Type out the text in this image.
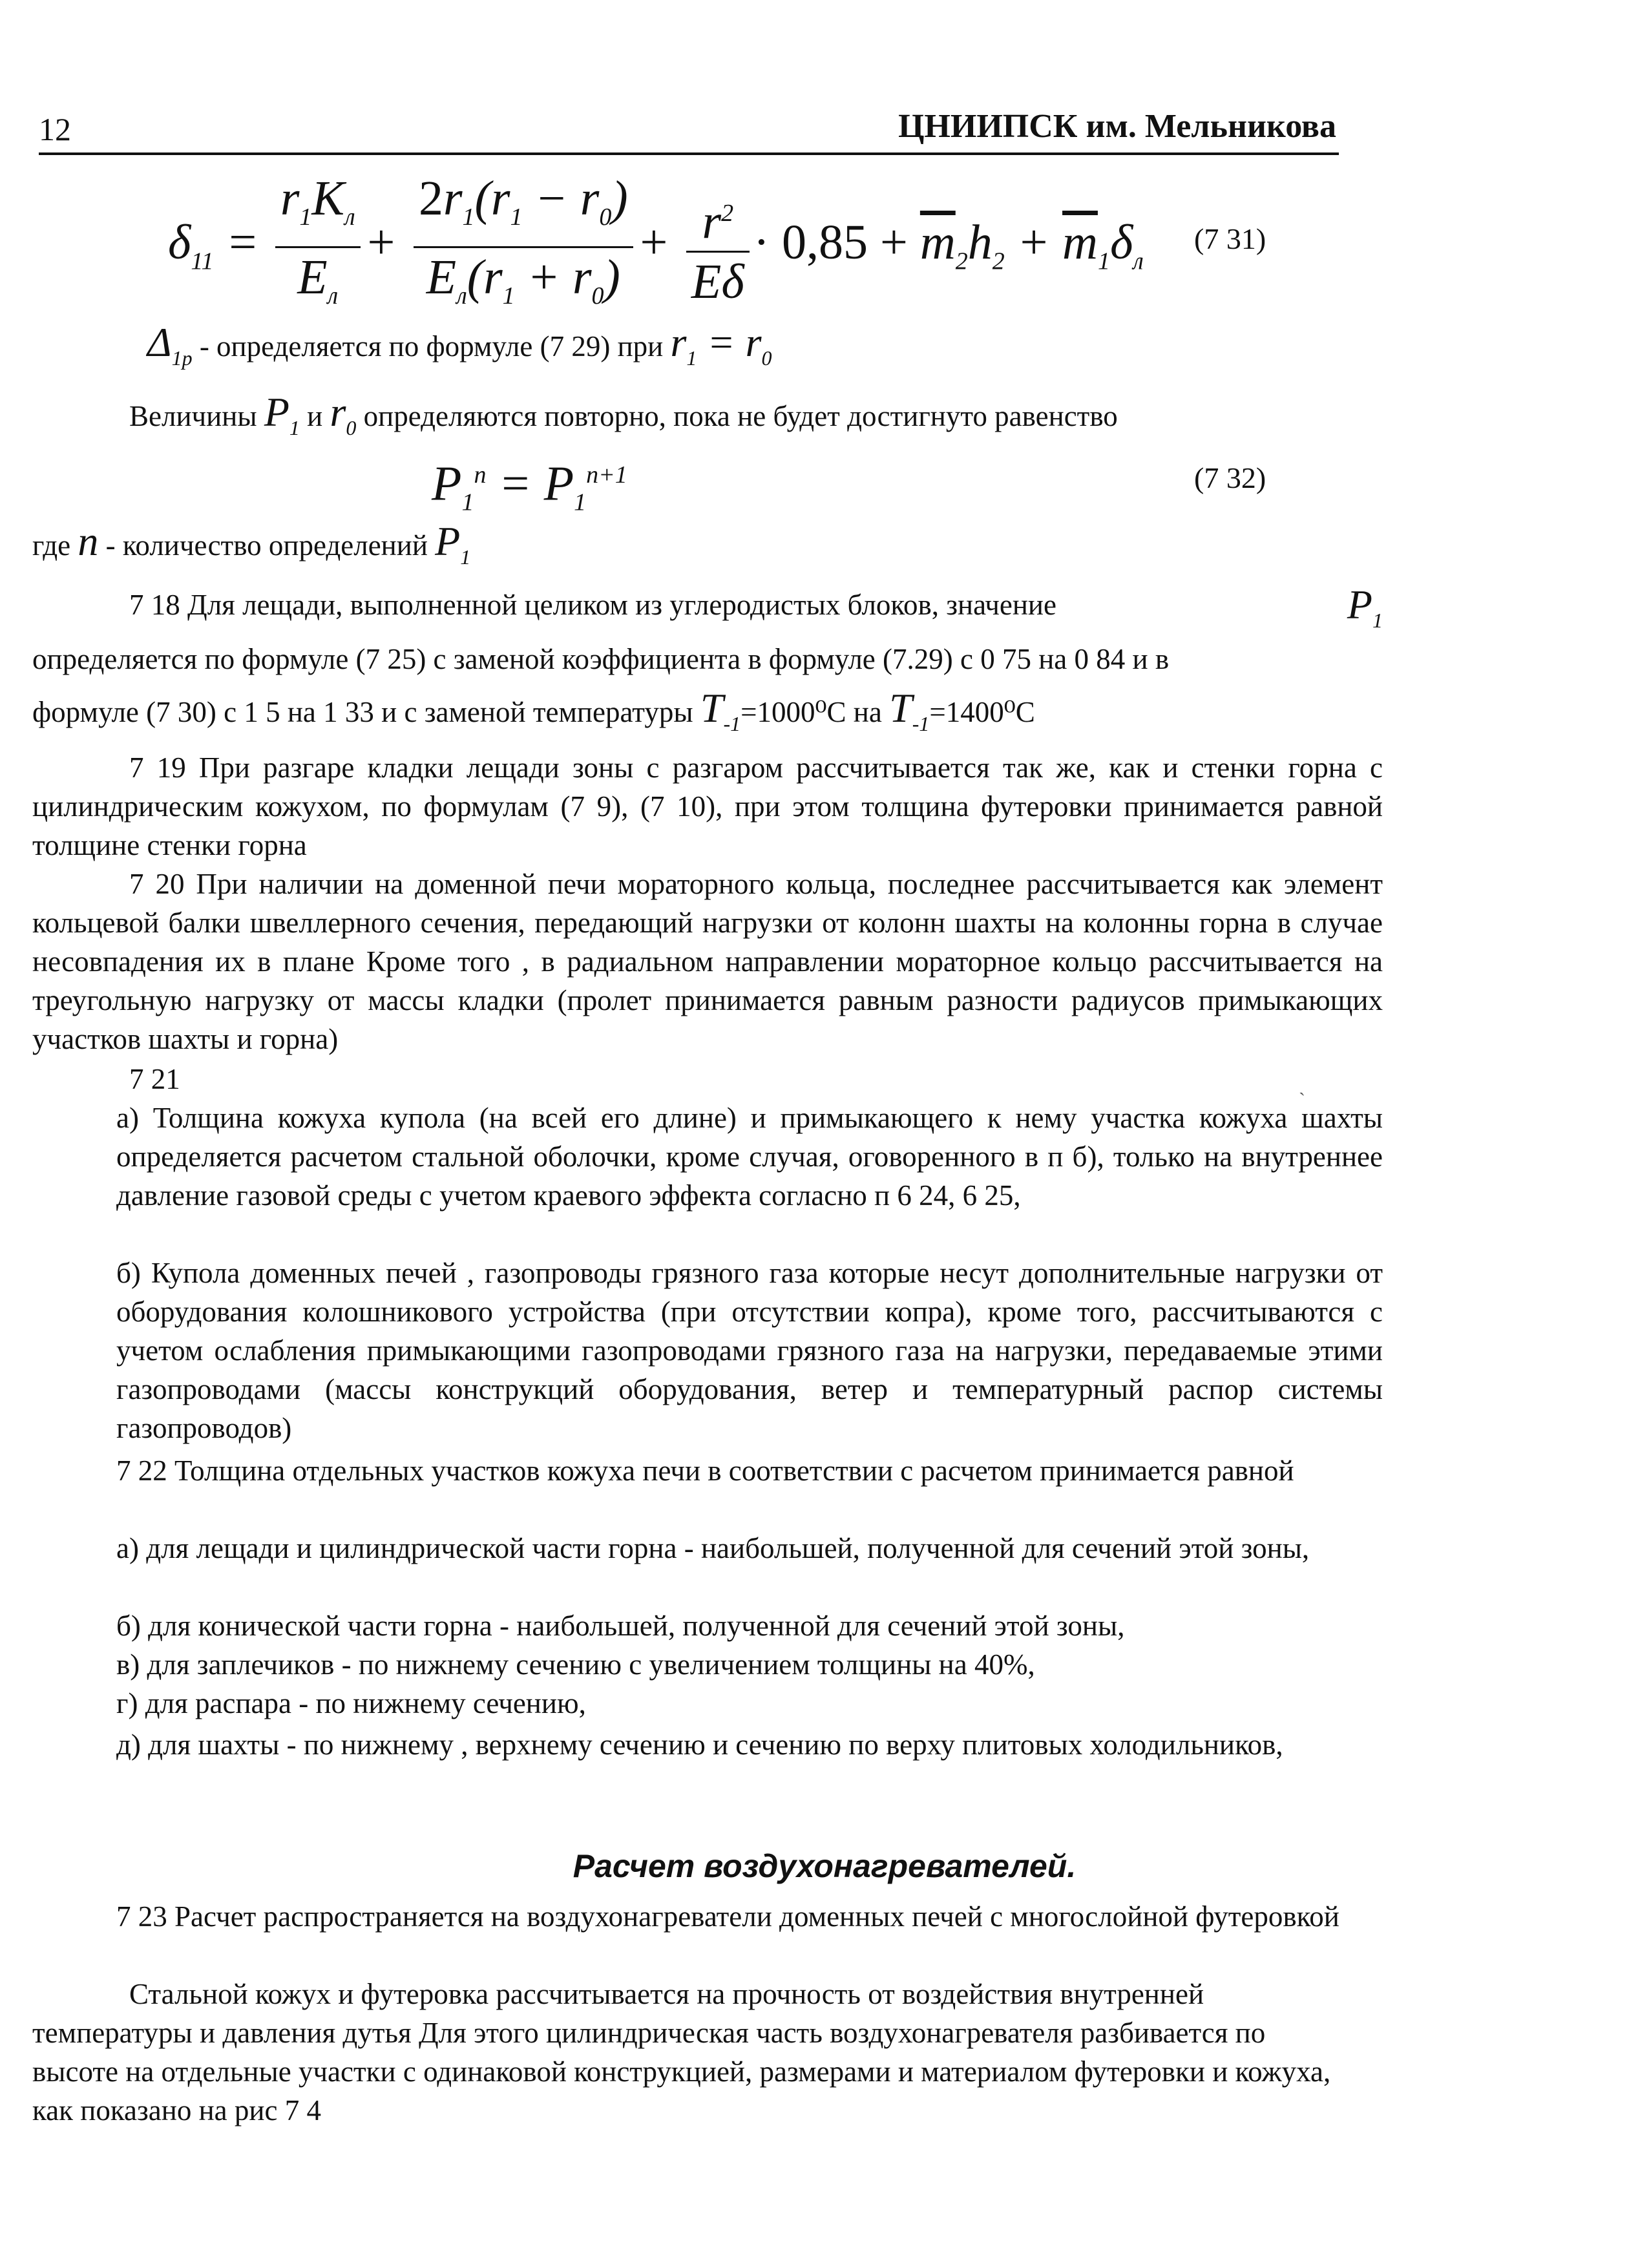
12	ЦНИИПСК им. Мельникова
$\delta_{11} = \frac{r_1K_л}{E_л} + \frac{2r_1(r_1 - r_0)}{E_л(r_1 + r_0)} + \frac{r^2}{E\delta} \cdot 0,85 + \overline{m}_2h_2 + \overline{m}_1\delta_л$
(7 31)
$\Delta_{1р}$ - определяется по формуле (7 29) при $r_1 = r_0$
Величины $P_1$ и $r_0$ определяются повторно, пока не будет достигнуто равенство
$P_1^n = P_1^{n+1}$	(7 32)
где n - количество определений $P_1$
7 18 Для лещади, выполненной целиком из углеродистых блоков, значение	$P_1$
определяется по формуле (7 25) с заменой коэффициента в формуле (7.29) с 0 75 на 0 84 и в
формуле (7 30) с 1 5 на 1 33 и с заменой температуры $T_{-1}=1000^0С$ на $T_{-1}=1400^0С$
7 19 При разгаре кладки лещади зоны с разгаром рассчитывается так же, как и стенки горна с цилиндрическим кожухом, по формулам (7 9), (7 10), при этом толщина футеровки принимается равной толщине стенки горна
7 20 При наличии на доменной печи мораторного кольца, последнее рассчитывается как элемент кольцевой балки швеллерного сечения, передающий нагрузки от колонн шахты на колонны горна в случае несовпадения их в плане Кроме того , в радиальном направлении мораторное кольцо рассчитывается на треугольную нагрузку от массы кладки (пролет принимается равным разности радиусов примыкающих участков шахты и горна)
ˎ
7 21
а) Толщина кожуха купола (на всей его длине) и примыкающего к нему участка кожуха шахты определяется расчетом стальной оболочки, кроме случая, оговоренного в п б), только на внутреннее давление газовой среды с учетом краевого эффекта согласно п 6 24, 6 25,
б) Купола доменных печей , газопроводы грязного газа которые несут дополнительные нагрузки от оборудования колошникового устройства (при отсутствии копра), кроме того, рассчитываются с учетом ослабления примыкающими газопроводами грязного газа на нагрузки, передаваемые этими газопроводами (массы конструкций оборудования, ветер и температурный распор системы газопроводов)
7 22 Толщина отдельных участков кожуха печи в соответствии с расчетом принимается равной
а) для лещади и цилиндрической части горна - наибольшей, полученной для сечений этой зоны,
б) для конической части горна - наибольшей, полученной для сечений этой зоны,
в) для заплечиков - по нижнему сечению с увеличением толщины на 40%,
г) для распара - по нижнему сечению,
д) для шахты - по нижнему , верхнему сечению и сечению по верху плитовых холодильников,
Расчет воздухонагревателей.
7 23 Расчет распространяется на воздухонагреватели доменных печей с многослойной футеровкой
Стальной кожух и футеровка рассчитывается на прочность от воздействия внутренней температуры и давления дутья Для этого цилиндрическая часть воздухонагревателя разбивается по высоте на отдельные участки с одинаковой конструкцией, размерами и материалом футеровки и кожуха, как показано на рис 7 4
